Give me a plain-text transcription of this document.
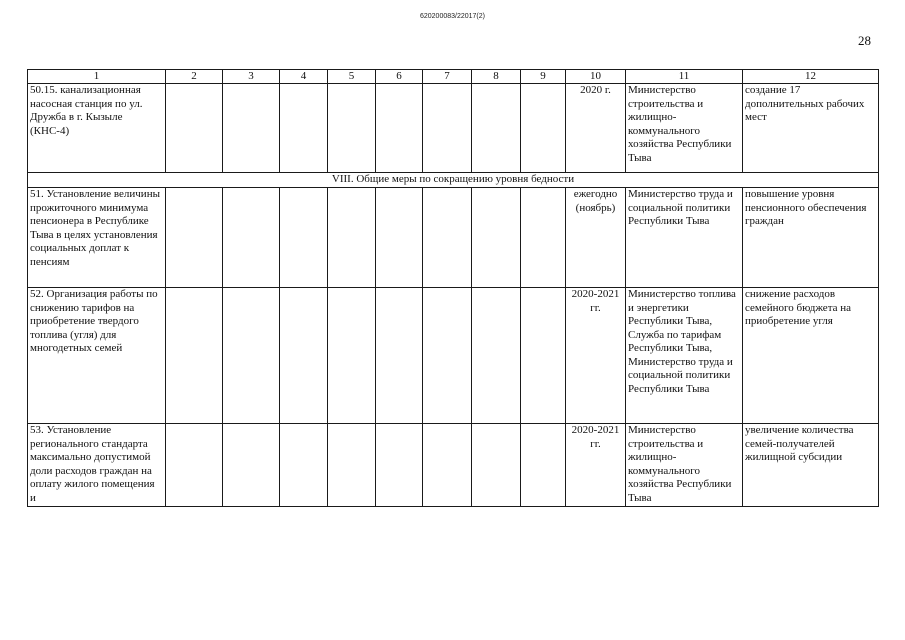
620200083/22017(2)
28
1	2	3	4	5	6	7	8	9	10	11	12
50.15. канализационная насосная станция по ул. Дружба в г. Кызыле (КНС-4)									2020 г.	Министерство строительства и жилищно-коммунального хозяйства Республики Тыва	создание 17 дополнительных рабочих мест
VIII. Общие меры по сокращению уровня бедности											
51. Установление величины прожиточного минимума пенсионера в Республике Тыва в целях установления социальных доплат к пенсиям									ежегодно (ноябрь)	Министерство труда и социальной политики Республики Тыва	повышение уровня пенсионного обеспечения граждан
52. Организация работы по снижению тарифов на приобретение твердого топлива (угля) для многодетных семей									2020-2021 гг.	Министерство топлива и энергетики Республики Тыва, Служба по тарифам Республики Тыва, Министерство труда и социальной политики Республики Тыва	снижение расходов семейного бюджета на приобретение угля
53. Установление регионального стандарта максимально допустимой доли расходов граждан на оплату жилого помещения и									2020-2021 гг.	Министерство строительства и жилищно-коммунального хозяйства Республики Тыва	увеличение количества семей-получателей жилищной субсидии
